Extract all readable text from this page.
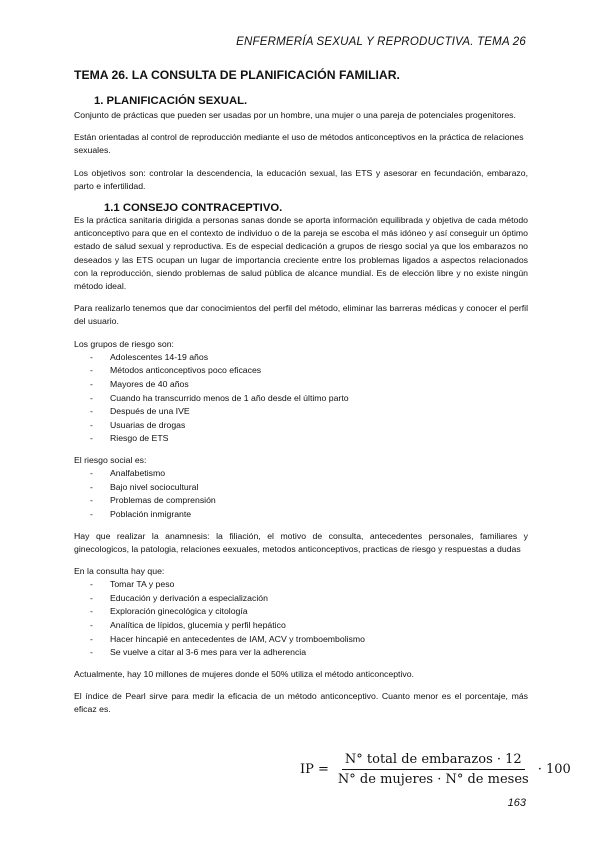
ENFERMERÍA SEXUAL Y REPRODUCTIVA. TEMA 26
TEMA 26. LA CONSULTA DE PLANIFICACIÓN FAMILIAR.
1. PLANIFICACIÓN SEXUAL.

Conjunto de prácticas que pueden ser usadas por un hombre, una mujer o una pareja de potenciales progenitores.

Están orientadas al control de reproducción mediante el uso de métodos anticonceptivos en la práctica de relaciones

sexuales.

Los objetivos son: controlar la descendencia, la educación sexual, las ETS y asesorar en fecundación, embarazo, parto e infertilidad.

1.1 CONSEJO CONTRACEPTIVO.

Es la práctica sanitaria dirigida a personas sanas donde se aporta información equilibrada y objetiva de cada método anticonceptivo para que en el contexto de individuo o de la pareja se escoba el más idóneo y así conseguir un óptimo estado de salud sexual y reproductiva. Es de especial dedicación a grupos de riesgo social ya que los embarazos no deseados y las ETS ocupan un lugar de importancia creciente entre los problemas ligados a aspectos relacionados con la reproducción, siendo problemas de salud pública de alcance mundial. Es de elección libre y no existe ningún método ideal.

Para realizarlo tenemos que dar conocimientos del perfil del método, eliminar las barreras médicas y conocer el perfil del usuario.

Los grupos de riesgo son:

- Adolescentes 14-19 años
- Métodos anticonceptivos poco eficaces
- Mayores de 40 años
- Cuando ha transcurrido menos de 1 año desde el último parto
- Después de una IVE
- Usuarias de drogas
- Riesgo de ETS

El riesgo social es:

- Analfabetismo
- Bajo nivel sociocultural
- Problemas de comprensión
- Población inmigrante

Hay que realizar la anamnesis: la filiación, el motivo de consulta, antecedentes personales, familiares y ginecologicos, la patologia, relaciones eexuales, metodos anticonceptivos, practicas de riesgo y respuestas a dudas

En la consulta hay que:

- Tomar TA y peso
- Educación y derivación a especialización
- Exploración ginecológica y citología
- Analítica de lípidos, glucemia y perfil hepático
- Hacer hincapié en antecedentes de IAM, ACV y tromboembolismo
- Se vuelve a citar al 3-6 mes para ver la adherencia

Actualmente, hay 10 millones de mujeres donde el 50% utiliza el método anticonceptivo.

El índice de Pearl sirve para medir la eficacia de un método anticonceptivo. Cuanto menor es el porcentaje, más eficaz es.

IP = $\frac{\text{N° total de embarazos · 12}}{\text{N° de mujeres · N° de meses}} \cdot 100$
163
